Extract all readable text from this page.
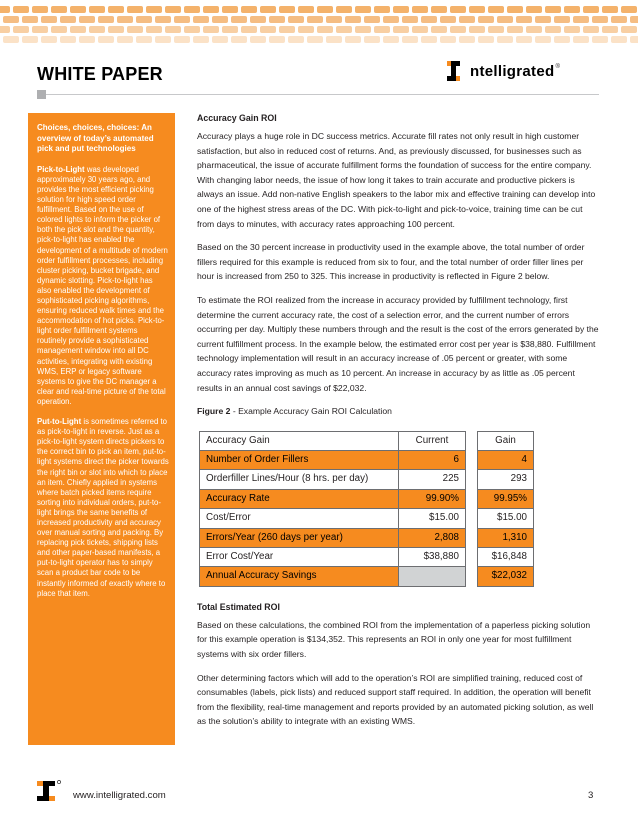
WHITE PAPER	ntelligrated ®
Choices, choices, choices: An overview of today’s automated pick and put technologies

Pick-to-Light was developed approximately 30 years ago, and provides the most efficient picking solution for high speed order fulfillment. Based on the use of colored lights to inform the picker of both the pick slot and the quantity, pick-to-light has enabled the development of a multitude of modern order fulfillment processes, including cluster picking, bucket brigade, and dynamic slotting. Pick-to-light has also enabled the development of sophisticated picking algorithms, ensuring reduced walk times and the accommodation of hot picks. Pick-to-light order fulfillment systems routinely provide a sophisticated management window into all DC activities, integrating with existing WMS, ERP or legacy software systems to give the DC manager a clear and real-time picture of the total operation.

Put-to-Light is sometimes referred to as pick-to-light in reverse. Just as a pick-to-light system directs pickers to the correct bin to pick an item, put-to-light systems direct the picker towards the right bin or slot into which to place an item. Chiefly applied in systems where batch picked items require sorting into individual orders, put-to-light brings the same benefits of increased productivity and accuracy over manual sorting and packing. By replacing pick tickets, shipping lists and other paper-based manifests, a put-to-light operator has to simply scan a product bar code to be instantly informed of exactly where to place that item.

Accuracy Gain ROI

Accuracy plays a huge role in DC success metrics. Accurate fill rates not only result in high customer satisfaction, but also in reduced cost of returns. And, as previously discussed, for businesses such as pharmaceutical, the issue of accurate fulfillment forms the foundation of success for the entire company. With changing labor needs, the issue of how long it takes to train accurate and productive pickers is always an issue. Add non-native English speakers to the labor mix and effective training can develop into one of the highest stress areas of the DC. With pick-to-light and pick-to-voice, training time can be cut from days to minutes, with accuracy rates approaching 100 percent.

Based on the 30 percent increase in productivity used in the example above, the total number of order fillers required for this example is reduced from six to four, and the total number of order filler lines per hour is increased from 250 to 325. This increase in productivity is reflected in Figure 2 below.

To estimate the ROI realized from the increase in accuracy provided by fulfillment technology, first determine the current accuracy rate, the cost of a selection error, and the current number of errors occurring per day. Multiply these numbers through and the result is the cost of the errors generated by the current fulfillment process. In the example below, the estimated error cost per year is $38,880. Fulfillment technology implementation will result in an accuracy increase of .05 percent or greater, with some accuracy rates improving as much as 10 percent. An increase in accuracy by as little as .05 percent results in an annual cost savings of $22,032.

Figure 2 - Example Accuracy Gain ROI Calculation
Accuracy Gain	Current		Gain
Number of Order Fillers	6		4
Orderfiller Lines/Hour (8 hrs. per day)	225		293
Accuracy Rate	99.90%		99.95%
Cost/Error	$15.00		$15.00
Errors/Year (260 days per year)	2,808		1,310
Error Cost/Year	$38,880		$16,848
Annual Accuracy Savings			$22,032
Total Estimated ROI

Based on these calculations, the combined ROI from the implementation of a paperless picking solution for this example operation is $134,352. This represents an ROI in only one year for most fulfillment systems with six order fillers.

Other determining factors which will add to the operation’s ROI are simplified training, reduced cost of consumables (labels, pick lists) and reduced support staff required. In addition, the operation will benefit from the flexibility, real-time management and reports provided by an automated picking solution, as well as the solution’s ability to integrate with an existing WMS.

www.intelligrated.com	3
